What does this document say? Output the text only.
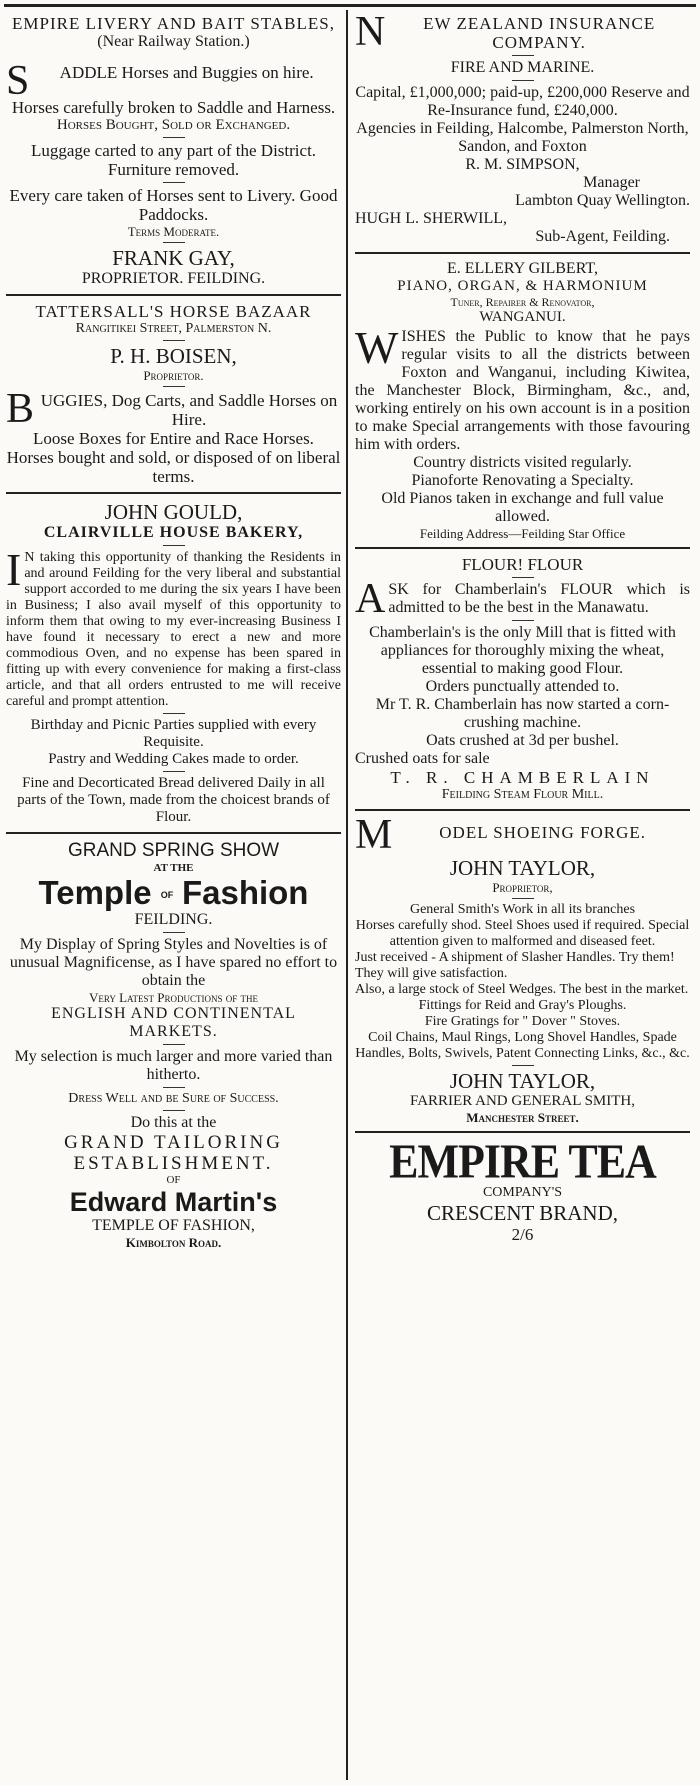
EMPIRE LIVERY AND BAIT STABLES,

(Near Railway Station.)

S	ADDLE Horses and Buggies on hire.

Horses carefully broken to Saddle and Harness.

Horses Bought, Sold or Exchanged.

Luggage carted to any part of the District. Furniture removed.

Every care taken of Horses sent to Livery. Good Paddocks.

Terms Moderate.

FRANK GAY,

PROPRIETOR. FEILDING.

TATTERSALL'S HORSE BAZAAR

Rangitikei Street, Palmerston N.

P. H. BOISEN,

Proprietor.

B UGGIES, Dog Carts, and Saddle Horses on Hire.

Loose Boxes for Entire and Race Horses.

Horses bought and sold, or disposed of on liberal terms.

JOHN GOULD,

CLAIRVILLE HOUSE BAKERY,

I N taking this opportunity of thanking the Residents in and around Feilding for the very liberal and substantial support accorded to me during the six years I have been in Business; I also avail myself of this opportunity to inform them that owing to my ever-increasing Business I have found it necessary to erect a new and more commodious Oven, and no expense has been spared in fitting up with every convenience for making a first-class article, and that all orders entrusted to me will receive careful and prompt attention.

Birthday and Picnic Parties supplied with every Requisite.

Pastry and Wedding Cakes made to order.

Fine and Decorticated Bread delivered Daily in all parts of the Town, made from the choicest brands of Flour.

GRAND SPRING SHOW

AT THE

Temple OF Fashion

FEILDING.

My Display of Spring Styles and Novelties is of unusual Magnificense, as I have spared no effort to obtain the

Very Latest Productions of the

ENGLISH AND CONTINENTAL MARKETS.

My selection is much larger and more varied than hitherto.

Dress Well and be Sure of Success.

Do this at the

GRAND TAILORING ESTABLISHMENT.

OF

Edward Martin's

TEMPLE OF FASHION,

Kimbolton Road.

N	EW ZEALAND INSURANCE COMPANY.

FIRE AND MARINE.

Capital, £1,000,000; paid-up, £200,000 Reserve and Re-Insurance fund, £240,000.

Agencies in Feilding, Halcombe, Palmerston North, Sandon, and Foxton

R. M. SIMPSON,

Manager

Lambton Quay Wellington.

HUGH L. SHERWILL,

Sub-Agent, Feilding.

E. ELLERY GILBERT,

PIANO, ORGAN, & HARMONIUM

Tuner, Repairer & Renovator,

WANGANUI.

W ISHES the Public to know that he pays regular visits to all the districts between Foxton and Wanganui, including Kiwitea, the Manchester Block, Birmingham, &c., and, working entirely on his own account is in a position to make Special arrangements with those favouring him with orders.

Country districts visited regularly.

Pianoforte Renovating a Specialty.

Old Pianos taken in exchange and full value allowed.

Feilding Address—Feilding Star Office

FLOUR! FLOUR

A SK for Chamberlain's FLOUR which is admitted to be the best in the Manawatu.

Chamberlain's is the only Mill that is fitted with appliances for thoroughly mixing the wheat, essential to making good Flour.

Orders punctually attended to.

Mr T. R. Chamberlain has now started a corn-crushing machine.

Oats crushed at 3d per bushel.

Crushed oats for sale

T. R. CHAMBERLAIN

Feilding Steam Flour Mill.

M	ODEL SHOEING FORGE.

JOHN TAYLOR,

Proprietor,

General Smith's Work in all its branches

Horses carefully shod. Steel Shoes used if required. Special attention given to malformed and diseased feet.

Just received - A shipment of Slasher Handles. Try them! They will give satisfaction.

Also, a large stock of Steel Wedges. The best in the market.

Fittings for Reid and Gray's Ploughs.

Fire Gratings for " Dover " Stoves.

Coil Chains, Maul Rings, Long Shovel Handles, Spade Handles, Bolts, Swivels, Patent Connecting Links, &c., &c.

JOHN TAYLOR,

FARRIER AND GENERAL SMITH,

Manchester Street.

EMPIRE TEA

COMPANY'S

CRESCENT BRAND,

2/6
